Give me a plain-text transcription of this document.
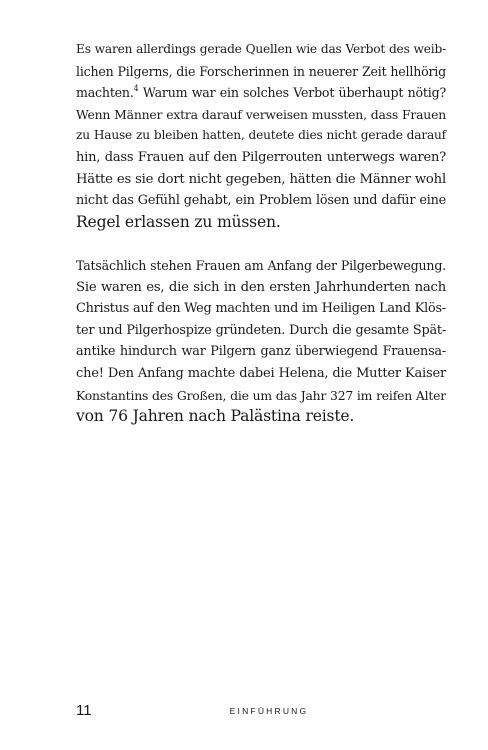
Es waren allerdings gerade Quellen wie das Verbot des weib-
lichen Pilgerns, die Forscherinnen in neuerer Zeit hellhörig
machten.$^4$ Warum war ein solches Verbot überhaupt nötig?
Wenn Männer extra darauf verweisen mussten, dass Frauen
zu Hause zu bleiben hatten, deutete dies nicht gerade darauf
hin, dass Frauen auf den Pilgerrouten unterwegs waren?
Hätte es sie dort nicht gegeben, hätten die Männer wohl
nicht das Gefühl gehabt, ein Problem lösen und dafür eine
Regel erlassen zu müssen.

Tatsächlich stehen Frauen am Anfang der Pilgerbewegung.
Sie waren es, die sich in den ersten Jahrhunderten nach
Christus auf den Weg machten und im Heiligen Land Klös-
ter und Pilgerhospize gründeten. Durch die gesamte Spät-
antike hindurch war Pilgern ganz überwiegend Frauensa-
che! Den Anfang machte dabei Helena, die Mutter Kaiser
Konstantins des Großen, die um das Jahr 327 im reifen Alter
von 76 Jahren nach Palästina reiste.

11	EINFÜHRUNG
